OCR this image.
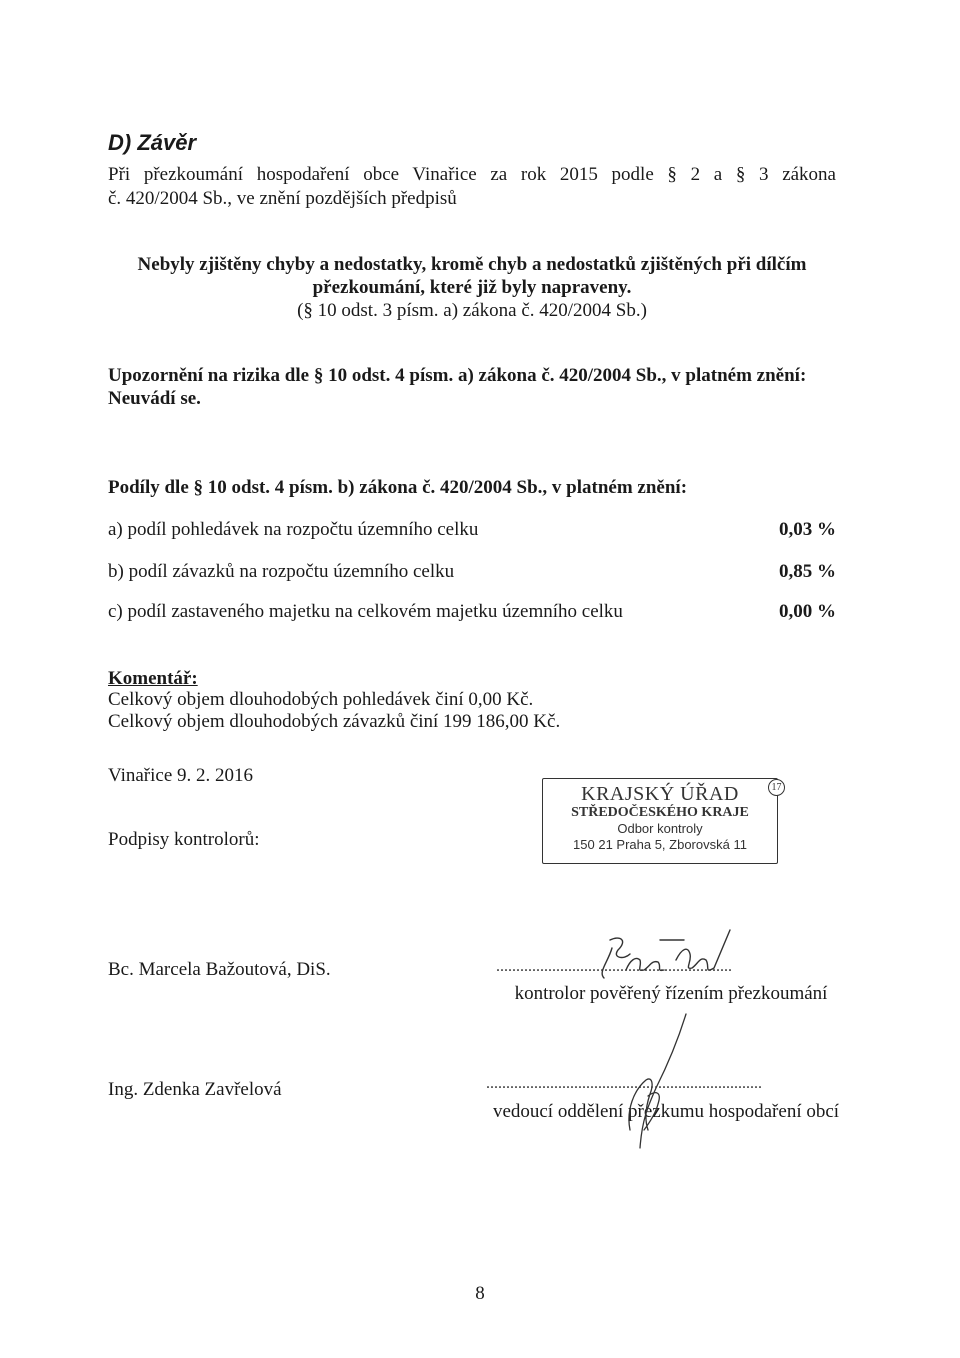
D) Závěr
Při přezkoumání hospodaření obce Vinařice za rok 2015 podle § 2 a § 3 zákona
č. 420/2004 Sb., ve znění pozdějších předpisů
Nebyly zjištěny chyby a nedostatky, kromě chyb a nedostatků zjištěných při dílčím
přezkoumání, které již byly napraveny.
(§ 10 odst. 3 písm. a) zákona č. 420/2004 Sb.)
Upozornění na rizika dle § 10 odst. 4 písm. a) zákona č. 420/2004 Sb., v platném znění:
Neuvádí se.
Podíly dle § 10 odst. 4 písm. b) zákona č. 420/2004 Sb., v platném znění:
a) podíl pohledávek na rozpočtu územního celku	0,03 %
b) podíl závazků na rozpočtu územního celku	0,85 %
c) podíl zastaveného majetku na celkovém majetku územního celku	0,00 %
Komentář:
Celkový objem dlouhodobých pohledávek činí 0,00 Kč.
Celkový objem dlouhodobých závazků činí 199 186,00 Kč.
Vinařice 9. 2. 2016
Podpisy kontrolorů:
KRAJSKÝ ÚŘAD
STŘEDOČESKÉHO KRAJE
Odbor kontroly
150 21 Praha 5, Zborovská 11
17
Bc. Marcela Bažoutová, DiS.	...........................................................
kontrolor pověřený řízením přezkoumání
Ing. Zdenka Zavřelová	.....................................................................
vedoucí oddělení přezkumu hospodaření obcí
8
